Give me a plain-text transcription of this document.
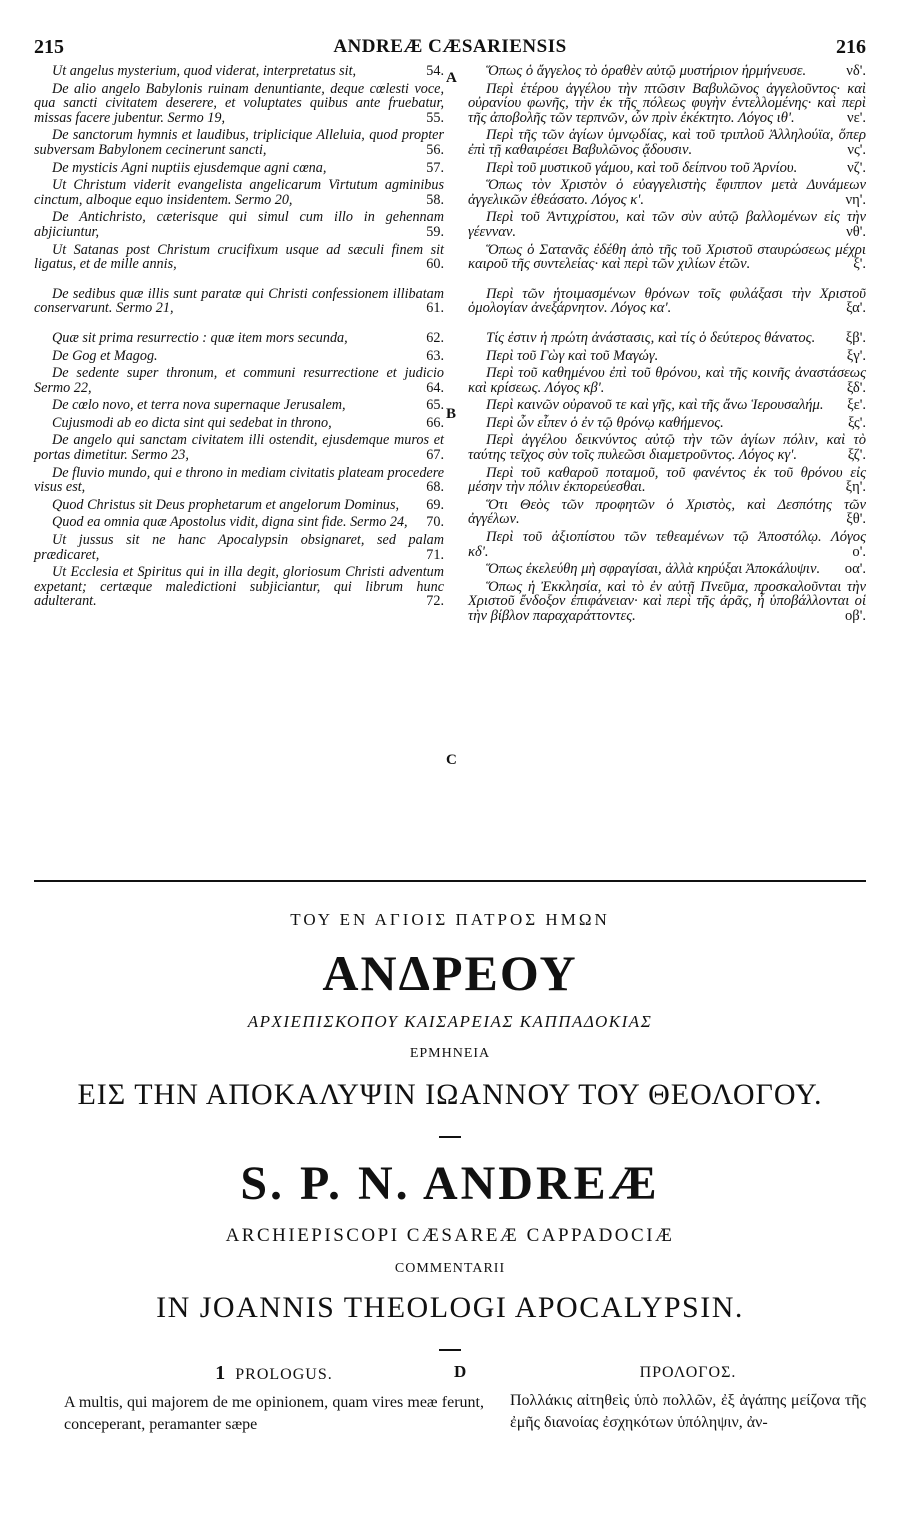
215	ANDREÆ CÆSARIENSIS	216
Ut angelus mysterium, quod viderat, interpretatus sit,	54.
De alio angelo Babylonis ruinam denuntiante, deque cœlesti voce, qua sancti civitatem deserere, et voluptates quibus ante fruebatur, missas facere jubentur. Sermo 19,	55.
De sanctorum hymnis et laudibus, triplicique Alleluia, quod propter subversam Babylonem cecinerunt sancti,	56.
De mysticis Agni nuptiis ejusdemque agni cœna,	57.
Ut Christum viderit evangelista angelicarum Virtutum agminibus cinctum, alboque equo insidentem. Sermo 20,	58.
De Antichristo, cæterisque qui simul cum illo in gehennam abjiciuntur,	59.
Ut Satanas post Christum crucifixum usque ad sæculi finem sit ligatus, et de mille annis,	60.
De sedibus quæ illis sunt paratæ qui Christi confessionem illibatam conservarunt. Sermo 21,	61.
Quæ sit prima resurrectio : quæ item mors secunda,	62.
De Gog et Magog.	63.
De sedente super thronum, et communi resurrectione et judicio Sermo 22,	64.
De cœlo novo, et terra nova supernaque Jerusalem,	65.
Cujusmodi ab eo dicta sint qui sedebat in throno,	66.
De angelo qui sanctam civitatem illi ostendit, ejusdemque muros et portas dimetitur. Sermo 23,	67.
De fluvio mundo, qui e throno in mediam civitatis plateam procedere visus est,	68.
Quod Christus sit Deus prophetarum et angelorum Dominus,	69.
Quod ea omnia quæ Apostolus vidit, digna sint fide. Sermo 24,	70.
Ut jussus sit ne hanc Apocalypsin obsignaret, sed palam prædicaret,	71.
Ut Ecclesia et Spiritus qui in illa degit, gloriosum Christi adventum expetant; certæque maledictioni subjiciantur, qui librum hunc adulterant.	72.
Ὅπως ὁ ἄγγελος τὸ ὁραθὲν αὐτῷ μυστήριον ἡρμήνευσε.	νδ'.
Περὶ ἑτέρου ἀγγέλου τὴν πτῶσιν Βαβυλῶνος ἀγγελοῦντος· καὶ οὐρανίου φωνῆς, τὴν ἐκ τῆς πόλεως φυγὴν ἐντελλομένης· καὶ περὶ τῆς ἀποβολῆς τῶν τερπνῶν, ὧν πρὶν ἐκέκτητο. Λόγος ιθ'.	νε'.
Περὶ τῆς τῶν ἁγίων ὑμνῳδίας, καὶ τοῦ τριπλοῦ Ἀλληλούϊα, ὅπερ ἐπὶ τῇ καθαιρέσει Βαβυλῶνος ᾄδουσιν.	νς'.
Περὶ τοῦ μυστικοῦ γάμου, καὶ τοῦ δείπνου τοῦ Ἀρνίου.	νζ'.
Ὅπως τὸν Χριστὸν ὁ εὐαγγελιστὴς ἔφιππον μετὰ Δυνάμεων ἀγγελικῶν ἐθεάσατο. Λόγος κ'.	νη'.
Περὶ τοῦ Ἀντιχρίστου, καὶ τῶν σὺν αὐτῷ βαλλομένων εἰς τὴν γέενναν.	νθ'.
Ὅπως ὁ Σατανᾶς ἐδέθη ἀπὸ τῆς τοῦ Χριστοῦ σταυρώσεως μέχρι καιροῦ τῆς συντελείας· καὶ περὶ τῶν χιλίων ἐτῶν.	ξ'.
Περὶ τῶν ἡτοιμασμένων θρόνων τοῖς φυλάξασι τὴν Χριστοῦ ὁμολογίαν ἀνεξάρνητον. Λόγος κα'.	ξα'.
Τίς ἐστιν ἡ πρώτη ἀνάστασις, καὶ τίς ὁ δεύτερος θάνατος.	ξβ'.
Περὶ τοῦ Γὼγ καὶ τοῦ Μαγώγ.	ξγ'.
Περὶ τοῦ καθημένου ἐπὶ τοῦ θρόνου, καὶ τῆς κοινῆς ἀναστάσεως καὶ κρίσεως. Λόγος κβ'.	ξδ'.
Περὶ καινῶν οὐρανοῦ τε καὶ γῆς, καὶ τῆς ἄνω Ἱερουσαλήμ.	ξε'.
Περὶ ὧν εἶπεν ὁ ἐν τῷ θρόνῳ καθήμενος.	ξς'.
Περὶ ἀγγέλου δεικνύντος αὐτῷ τὴν τῶν ἁγίων πόλιν, καὶ τὸ ταύτης τεῖχος σὺν τοῖς πυλεῶσι διαμετροῦντος. Λόγος κγ'.	ξζ'.
Περὶ τοῦ καθαροῦ ποταμοῦ, τοῦ φανέντος ἐκ τοῦ θρόνου εἰς μέσην τὴν πόλιν ἐκπορεύεσθαι.	ξη'.
Ὅτι Θεὸς τῶν προφητῶν ὁ Χριστὸς, καὶ Δεσπότης τῶν ἀγγέλων.	ξθ'.
Περὶ τοῦ ἀξιοπίστου τῶν τεθεαμένων τῷ Ἀποστόλῳ. Λόγος κδ'.	ο'.
Ὅπως ἐκελεύθη μὴ σφραγίσαι, ἀλλὰ κηρύξαι Ἀποκάλυψιν.	οα'.
Ὅπως ἡ Ἐκκλησία, καὶ τὸ ἐν αὐτῇ Πνεῦμα, προσκαλοῦνται τὴν Χριστοῦ ἔνδοξον ἐπιφάνειαν· καὶ περὶ τῆς ἀρᾶς, ἧ ὑποβάλλονται οἱ τὴν βίβλον παραχαράττοντες.	οβ'.
A
B
C
ΤΟΥ ΕΝ ΑΓΙΟΙΣ ΠΑΤΡΟΣ ΗΜΩΝ
ΑΝΔΡΕΟΥ
ΑΡΧΙΕΠΙΣΚΟΠΟΥ ΚΑΙΣΑΡΕΙΑΣ ΚΑΠΠΑΔΟΚΙΑΣ
ΕΡΜΗΝΕΙΑ
ΕΙΣ ΤΗΝ ΑΠΟΚΑΛΥΨΙΝ ΙΩΑΝΝΟΥ ΤΟΥ ΘΕΟΛΟΓΟΥ.
S. P. N. ANDREÆ
ARCHIEPISCOPI CÆSAREÆ CAPPADOCIÆ
COMMENTARII
IN JOANNIS THEOLOGI APOCALYPSIN.
1 PROLOGUS.
A multis, qui majorem de me opinionem, quam vires meæ ferunt, conceperant, peramanter sæpe
D	ΠΡΟΛΟΓΟΣ.
Πολλάκις αἰτηθεὶς ὑπὸ πολλῶν, ἐξ ἀγάπης μείζονα τῆς ἐμῆς διανοίας ἐσχηκότων ὑπόληψιν, ἀν-
